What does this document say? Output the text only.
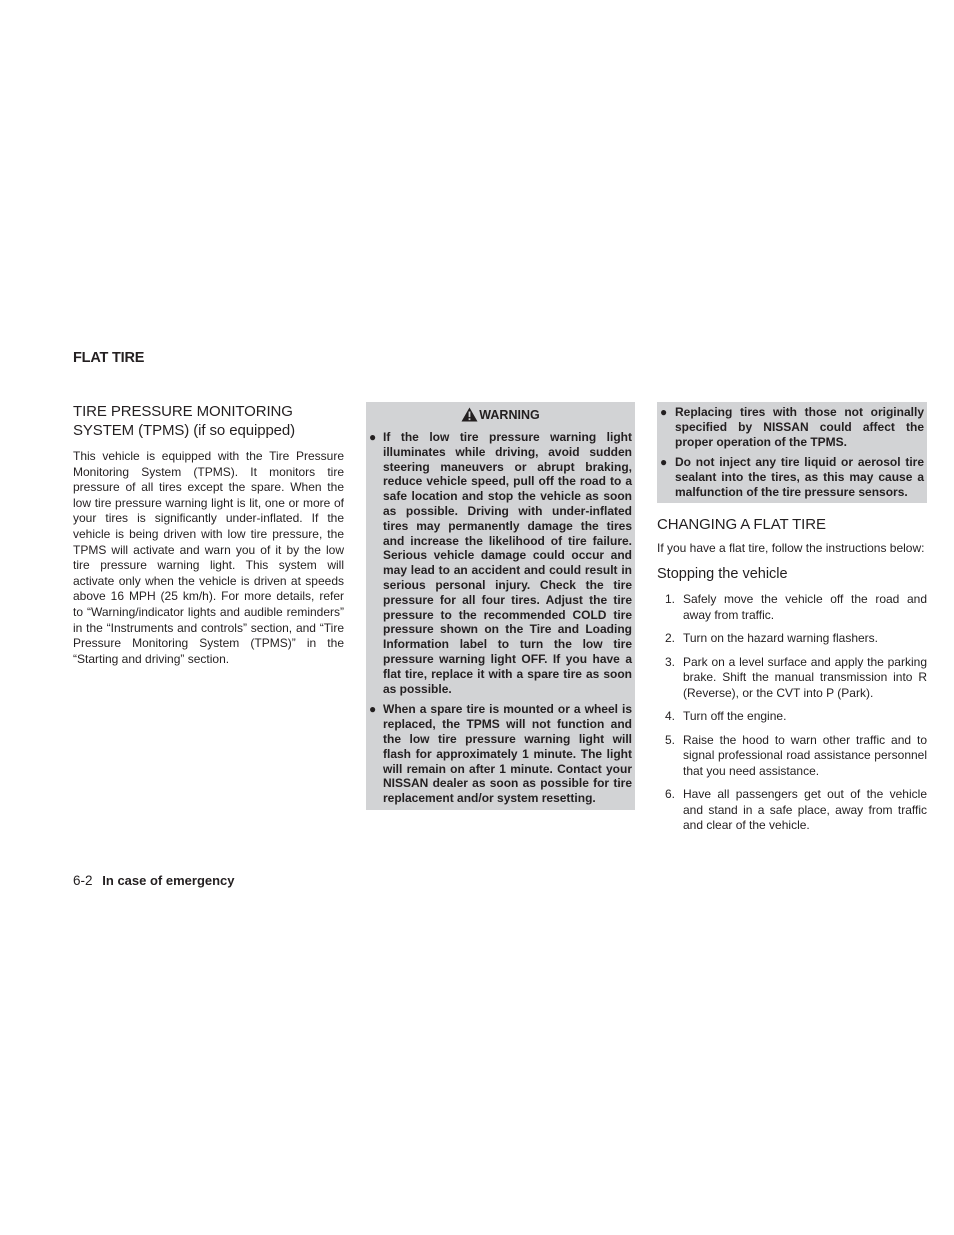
FLAT TIRE
TIRE PRESSURE MONITORING SYSTEM (TPMS) (if so equipped)

This vehicle is equipped with the Tire Pressure Monitoring System (TPMS). It monitors tire pressure of all tires except the spare. When the low tire pressure warning light is lit, one or more of your tires is significantly under-inflated. If the vehicle is being driven with low tire pressure, the TPMS will activate and warn you of it by the low tire pressure warning light. This system will activate only when the vehicle is driven at speeds above 16 MPH (25 km/h). For more details, refer to “Warning/indicator lights and audible reminders” in the “Instruments and controls” section, and “Tire Pressure Monitoring System (TPMS)” in the “Starting and driving” section.

WARNING
● If the low tire pressure warning light illuminates while driving, avoid sudden steering maneuvers or abrupt braking, reduce vehicle speed, pull off the road to a safe location and stop the vehicle as soon as possible. Driving with under-inflated tires may permanently damage the tires and increase the likelihood of tire failure. Serious vehicle damage could occur and may lead to an accident and could result in serious personal injury. Check the tire pressure for all four tires. Adjust the tire pressure to the recommended COLD tire pressure shown on the Tire and Loading Information label to turn the low tire pressure warning light OFF. If you have a flat tire, replace it with a spare tire as soon as possible.
● When a spare tire is mounted or a wheel is replaced, the TPMS will not function and the low tire pressure warning light will flash for approximately 1 minute. The light will remain on after 1 minute. Contact your NISSAN dealer as soon as possible for tire replacement and/or system resetting.
● Replacing tires with those not originally specified by NISSAN could affect the proper operation of the TPMS.
● Do not inject any tire liquid or aerosol tire sealant into the tires, as this may cause a malfunction of the tire pressure sensors.
CHANGING A FLAT TIRE

If you have a flat tire, follow the instructions below:

Stopping the vehicle
1. Safely move the vehicle off the road and away from traffic.
2. Turn on the hazard warning flashers.
3. Park on a level surface and apply the parking brake. Shift the manual transmission into R (Reverse), or the CVT into P (Park).
4. Turn off the engine.
5. Raise the hood to warn other traffic and to signal professional road assistance personnel that you need assistance.
6. Have all passengers get out of the vehicle and stand in a safe place, away from traffic and clear of the vehicle.
6-2 In case of emergency
